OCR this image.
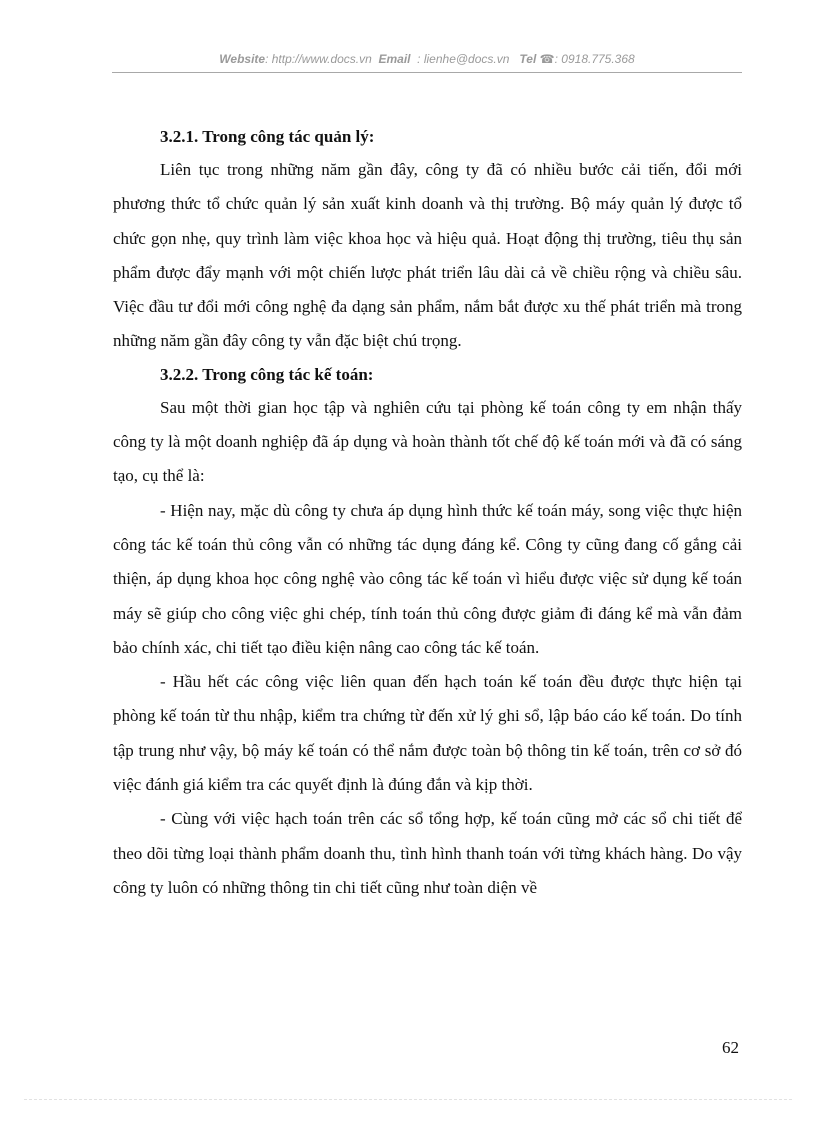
Website: http://www.docs.vn Email : lienhe@docs.vn Tel ☎: 0918.775.368

3.2.1. Trong công tác quản lý:

Liên tục trong những năm gần đây, công ty đã có nhiều bước cải tiến, đổi mới phương thức tổ chức quản lý sản xuất kinh doanh và thị trường. Bộ máy quản lý được tổ chức gọn nhẹ, quy trình làm việc khoa học và hiệu quả. Hoạt động thị trường, tiêu thụ sản phẩm được đẩy mạnh với một chiến lược phát triển lâu dài cả về chiều rộng và chiều sâu. Việc đầu tư đổi mới công nghệ đa dạng sản phẩm, nắm bắt được xu thế phát triển mà trong những năm gần đây công ty vẫn đặc biệt chú trọng.

3.2.2. Trong công tác kế toán:

Sau một thời gian học tập và nghiên cứu tại phòng kế toán công ty em nhận thấy công ty là một doanh nghiệp đã áp dụng và hoàn thành tốt chế độ kế toán mới và đã có sáng tạo, cụ thể là:

- Hiện nay, mặc dù công ty chưa áp dụng hình thức kế toán máy, song việc thực hiện công tác kế toán thủ công vẫn có những tác dụng đáng kể. Công ty cũng đang cố gắng cải thiện, áp dụng khoa học công nghệ vào công tác kế toán vì hiểu được việc sử dụng kế toán máy sẽ giúp cho công việc ghi chép, tính toán thủ công được giảm đi đáng kể mà vẫn đảm bảo chính xác, chi tiết tạo điều kiện nâng cao công tác kế toán.

- Hầu hết các công việc liên quan đến hạch toán kế toán đều được thực hiện tại phòng kế toán từ thu nhập, kiểm tra chứng từ đến xử lý ghi sổ, lập báo cáo kế toán. Do tính tập trung như vậy, bộ máy kế toán có thể nắm được toàn bộ thông tin kế toán, trên cơ sở đó việc đánh giá kiểm tra các quyết định là đúng đắn và kịp thời.

- Cùng với việc hạch toán trên các sổ tổng hợp, kế toán cũng mở các sổ chi tiết để theo dõi từng loại thành phẩm doanh thu, tình hình thanh toán với từng khách hàng. Do vậy công ty luôn có những thông tin chi tiết cũng như toàn diện về

62
